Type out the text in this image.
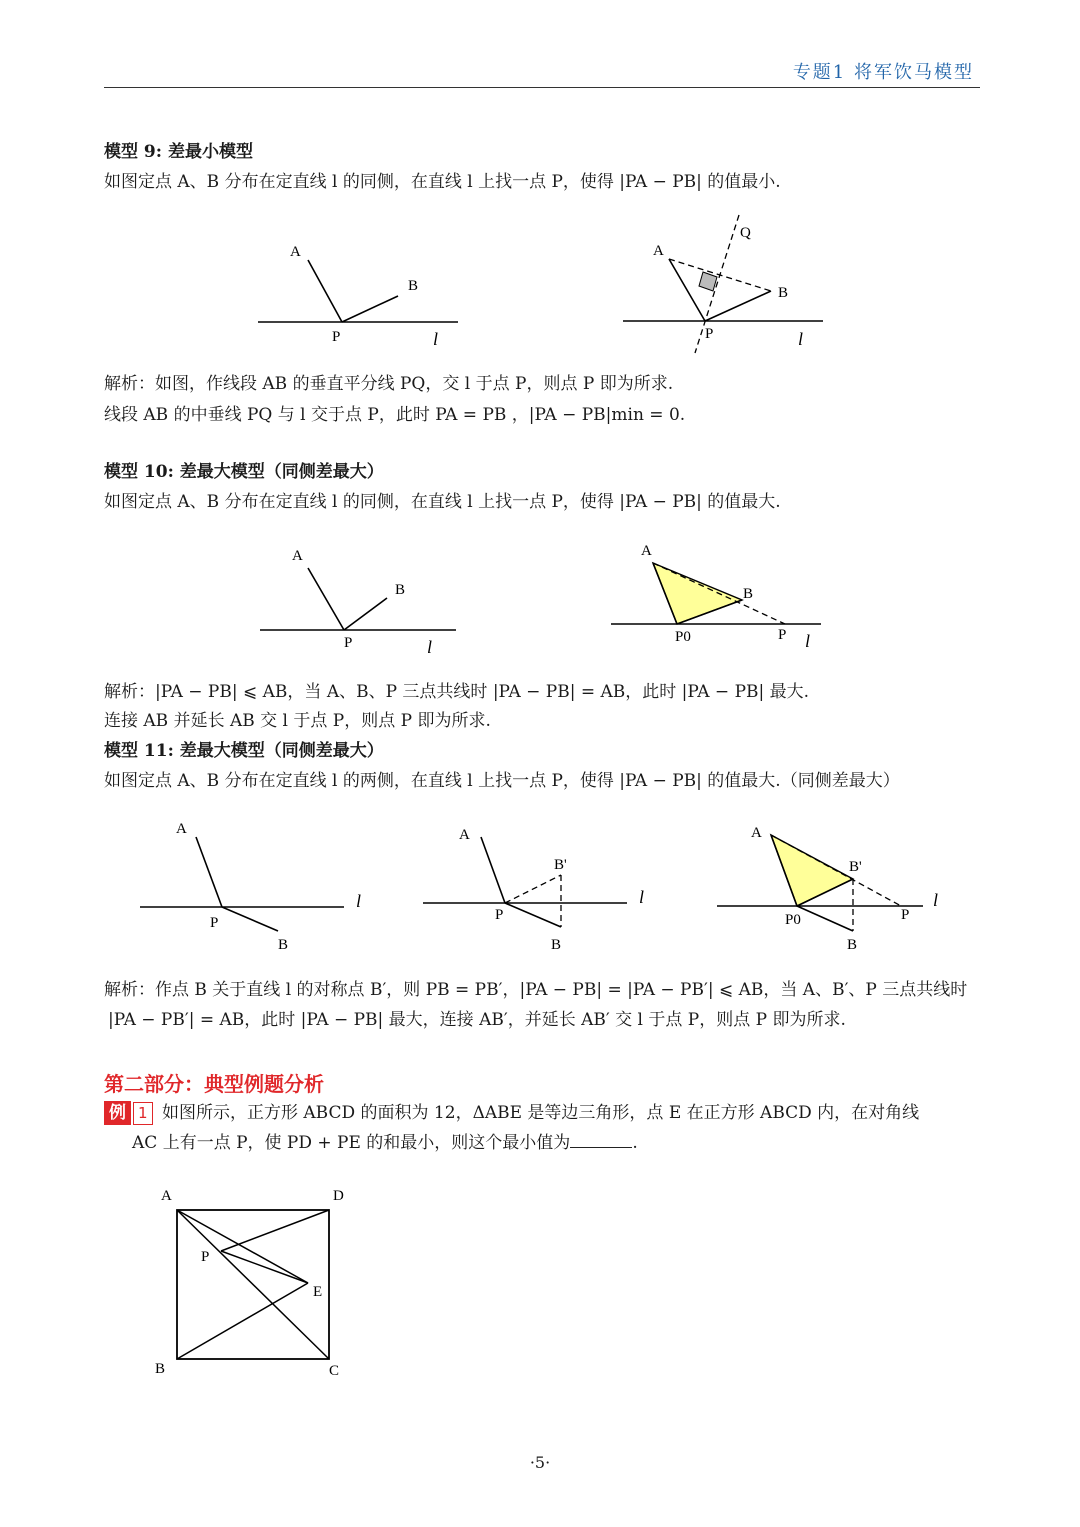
专题1 将军饮马模型
模型 9: 差最小模型
如图定点 A、B 分布在定直线 l 的同侧，在直线 l 上找一点 P，使得 |PA − PB| 的值最小.
A
B
P	l
Q
A
B
P	l
解析：如图，作线段 AB 的垂直平分线 PQ，交 l 于点 P，则点 P 即为所求.
线段 AB 的中垂线 PQ 与 l 交于点 P，此时 PA = PB ，|PA − PB|min = 0.
模型 10: 差最大模型（同侧差最大）
如图定点 A、B 分布在定直线 l 的同侧，在直线 l 上找一点 P，使得 |PA − PB| 的值最大.
A
B
P	l
A
B
P0	P l
解析：|PA − PB| ⩽ AB，当 A、B、P 三点共线时 |PA − PB| = AB，此时 |PA − PB| 最大.
连接 AB 并延长 AB 交 l 于点 P，则点 P 即为所求.
模型 11: 差最大模型（同侧差最大）
如图定点 A、B 分布在定直线 l 的两侧，在直线 l 上找一点 P，使得 |PA − PB| 的值最大.（同侧差最大）
A
P
B
l
A
B'
P
B
l
A
B'
P0	P
B
l
解析：作点 B 关于直线 l 的对称点 B′，则 PB = PB′，|PA − PB| = |PA − PB′| ⩽ AB，当 A、B′、P 三点共线时
|PA − PB′| = AB，此时 |PA − PB| 最大，连接 AB′，并延长 AB′ 交 l 于点 P，则点 P 即为所求.
第二部分：典型例题分析
例 1 如图所示，正方形 ABCD 的面积为 12，ΔABE 是等边三角形，点 E 在正方形 ABCD 内，在对角线
AC 上有一点 P，使 PD + PE 的和最小，则这个最小值为	.
A	D
P
E
B	C
·5·
